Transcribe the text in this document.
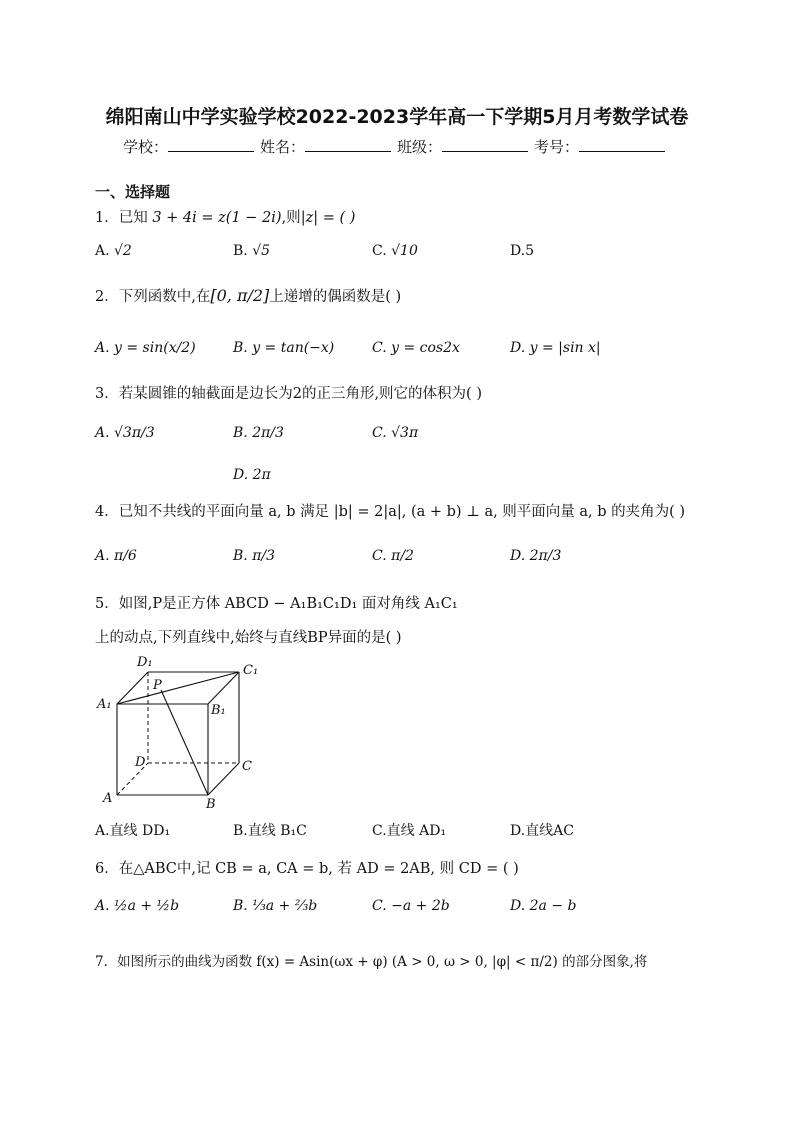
绵阳南山中学实验学校2022-2023学年高一下学期5月月考数学试卷
学校：	姓名：	班级：	考号：
一、选择题
1．已知 3 + 4i = z(1 − 2i),则|z| = ( )
A. √2	B. √5	C. √10	D.5
2．下列函数中,在[0, π/2]上递增的偶函数是( )
A. y = sin(x/2)	B. y = tan(−x)	C. y = cos2x	D. y = |sin x|
3．若某圆锥的轴截面是边长为2的正三角形,则它的体积为( )
A. √3π/3	B. 2π/3	C. √3π
D. 2π
4．已知不共线的平面向量 a, b 满足 |b| = 2|a|, (a + b) ⊥ a, 则平面向量 a, b 的夹角为( )
A. π/6	B. π/3	C. π/2	D. 2π/3
5．如图,P是正方体 ABCD − A₁B₁C₁D₁ 面对角线 A₁C₁
上的动点,下列直线中,始终与直线BP异面的是( )
D₁
C₁
A₁	B₁
P
D	C
A	B
A.直线 DD₁	B.直线 B₁C	C.直线 AD₁	D.直线AC
6．在△ABC中,记 CB = a, CA = b, 若 AD = 2AB, 则 CD = ( )
A. ½a + ½b	B. ⅓a + ⅔b	C. −a + 2b	D. 2a − b
7．如图所示的曲线为函数 f(x) = Asin(ωx + φ) (A > 0, ω > 0, |φ| < π/2) 的部分图象,将
